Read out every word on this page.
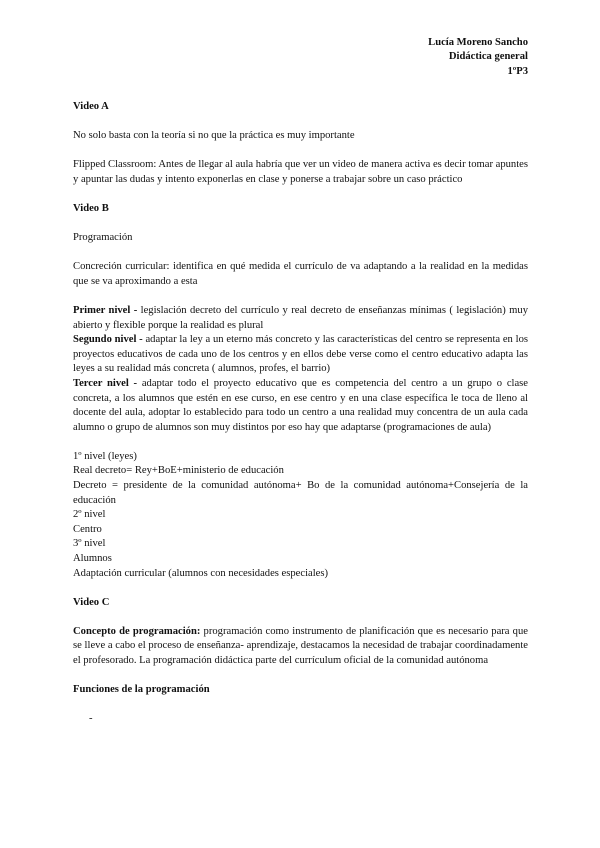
Lucía Moreno Sancho
Didáctica general
1ºP3

Video A

No solo basta con la teoría si no que la práctica es muy importante

Flipped Classroom: Antes de llegar al aula habría que ver un video de manera activa es decir tomar apuntes y apuntar las dudas y intento exponerlas en clase y ponerse a trabajar sobre un caso práctico

Video B

Programación

Concreción curricular: identifica en qué medida el currículo de va adaptando a la realidad en la medidas que se va aproximando a esta

Primer nivel - legislación decreto del currículo y real decreto de enseñanzas mínimas ( legislación) muy abierto y flexible porque la realidad es plural

Segundo nivel - adaptar la ley a un eterno más concreto y las características del centro se representa en los proyectos educativos de cada uno de los centros y en ellos debe verse como el centro educativo adapta las leyes a su realidad más concreta ( alumnos, profes, el barrio)

Tercer nivel - adaptar todo el proyecto educativo que es competencia del centro a un grupo o clase concreta, a los alumnos que estén en ese curso, en ese centro y en una clase específica le toca de lleno al docente del aula, adoptar lo establecido para todo un centro a una realidad muy concentra de un aula cada alumno o grupo de alumnos son muy distintos por eso hay que adaptarse (programaciones de aula)

1º nivel (leyes)

Real decreto= Rey+BoE+ministerio de educación

Decreto = presidente de la comunidad autónoma+ Bo de la comunidad autónoma+Consejería de la educación

2º nivel

Centro

3º nivel

Alumnos

Adaptación curricular (alumnos con necesidades especiales)

Video C

Concepto de programación: programación como instrumento de planificación que es necesario para que se lleve a cabo el proceso de enseñanza- aprendizaje, destacamos la necesidad de trabajar coordinadamente el profesorado. La programación didáctica parte del currículum oficial de la comunidad autónoma

Funciones de la programación

-
